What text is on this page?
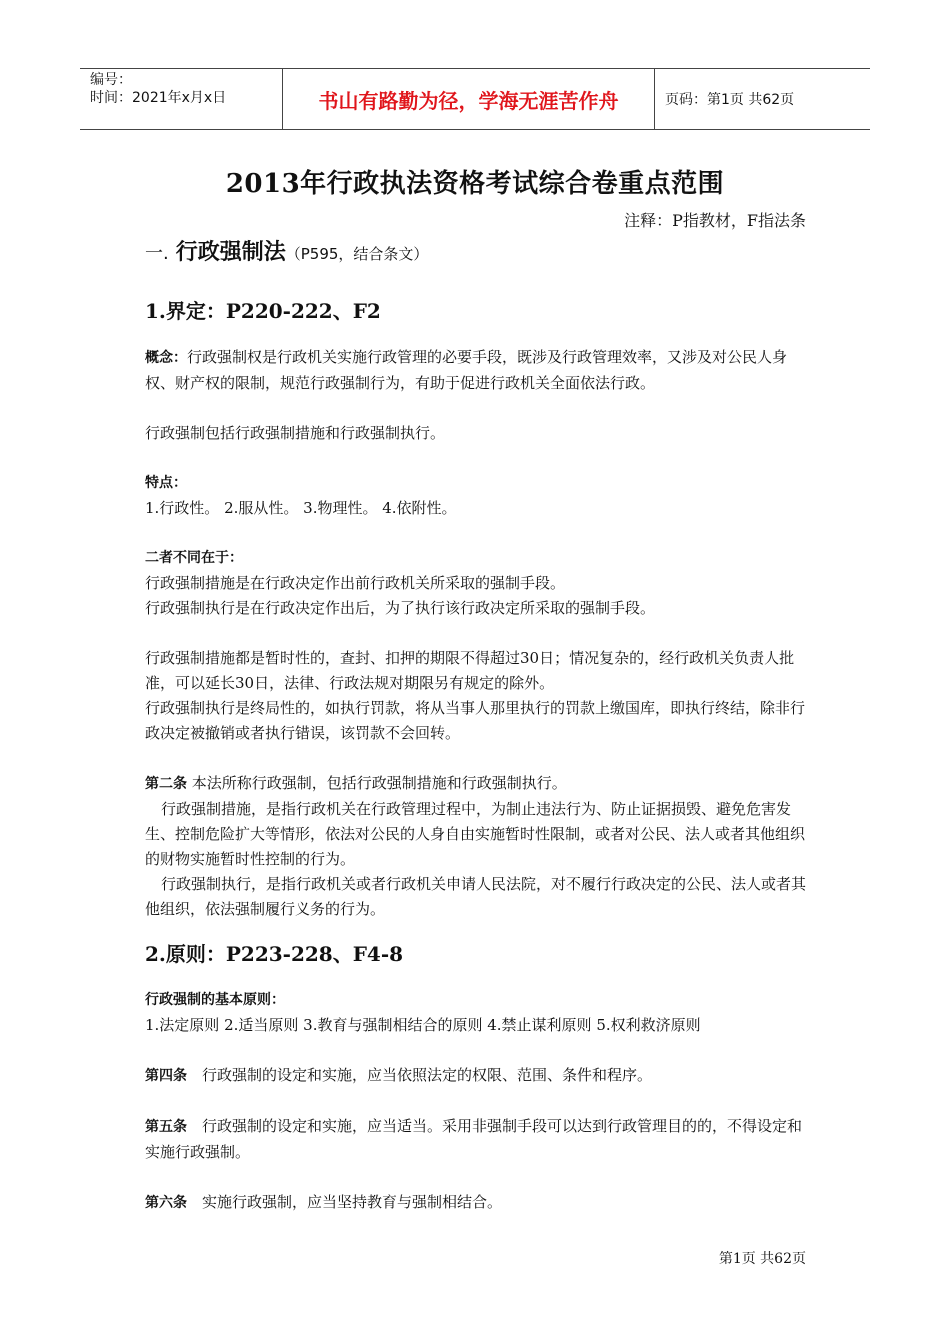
编号：
时间：2021年x月x日	书山有路勤为径，学海无涯苦作舟	页码：第1页 共62页
2013年行政执法资格考试综合卷重点范围
注释：P指教材，F指法条
一. 行政强制法（P595，结合条文）
1.界定：P220-222、F2

概念：行政强制权是行政机关实施行政管理的必要手段，既涉及行政管理效率，又涉及对公民人身权、财产权的限制，规范行政强制行为，有助于促进行政机关全面依法行政。

行政强制包括行政强制措施和行政强制执行。

特点：

1.行政性。 2.服从性。 3.物理性。 4.依附性。

二者不同在于：

行政强制措施是在行政决定作出前行政机关所采取的强制手段。

行政强制执行是在行政决定作出后，为了执行该行政决定所采取的强制手段。

行政强制措施都是暂时性的，查封、扣押的期限不得超过30日；情况复杂的，经行政机关负责人批准，可以延长30日，法律、行政法规对期限另有规定的除外。

行政强制执行是终局性的，如执行罚款，将从当事人那里执行的罚款上缴国库，即执行终结，除非行政决定被撤销或者执行错误，该罚款不会回转。

第二条 本法所称行政强制，包括行政强制措施和行政强制执行。

行政强制措施，是指行政机关在行政管理过程中，为制止违法行为、防止证据损毁、避免危害发生、控制危险扩大等情形，依法对公民的人身自由实施暂时性限制，或者对公民、法人或者其他组织的财物实施暂时性控制的行为。

行政强制执行，是指行政机关或者行政机关申请人民法院，对不履行行政决定的公民、法人或者其他组织，依法强制履行义务的行为。

2.原则：P223-228、F4-8

行政强制的基本原则：

1.法定原则 2.适当原则 3.教育与强制相结合的原则 4.禁止谋利原则 5.权利救济原则

第四条　行政强制的设定和实施，应当依照法定的权限、范围、条件和程序。

第五条　行政强制的设定和实施，应当适当。采用非强制手段可以达到行政管理目的的，不得设定和实施行政强制。

第六条　实施行政强制，应当坚持教育与强制相结合。

第1页 共62页
